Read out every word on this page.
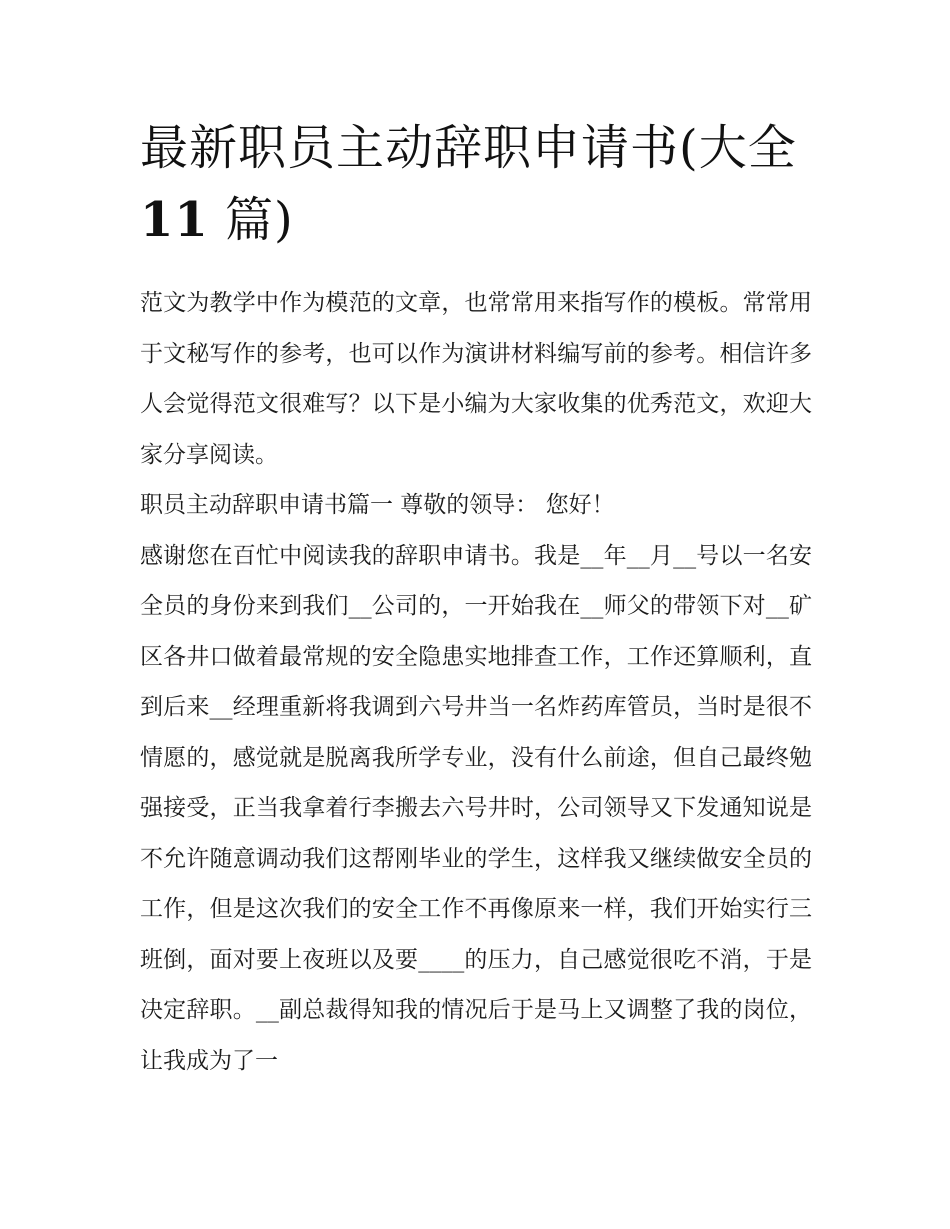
最新职员主动辞职申请书(大全11 篇)

范文为教学中作为模范的文章，也常常用来指写作的模板。常常用于文秘写作的参考，也可以作为演讲材料编写前的参考。相信许多人会觉得范文很难写？以下是小编为大家收集的优秀范文，欢迎大家分享阅读。

职员主动辞职申请书篇一 尊敬的领导： 您好！

感谢您在百忙中阅读我的辞职申请书。我是__年__月__号以一名安全员的身份来到我们__公司的，一开始我在__师父的带领下对__矿区各井口做着最常规的安全隐患实地排查工作，工作还算顺利，直到后来__经理重新将我调到六号井当一名炸药库管员，当时是很不情愿的，感觉就是脱离我所学专业，没有什么前途，但自己最终勉强接受，正当我拿着行李搬去六号井时，公司领导又下发通知说是不允许随意调动我们这帮刚毕业的学生，这样我又继续做安全员的工作，但是这次我们的安全工作不再像原来一样，我们开始实行三班倒，面对要上夜班以及要____的压力，自己感觉很吃不消，于是决定辞职。__副总裁得知我的情况后于是马上又调整了我的岗位，让我成为了一
